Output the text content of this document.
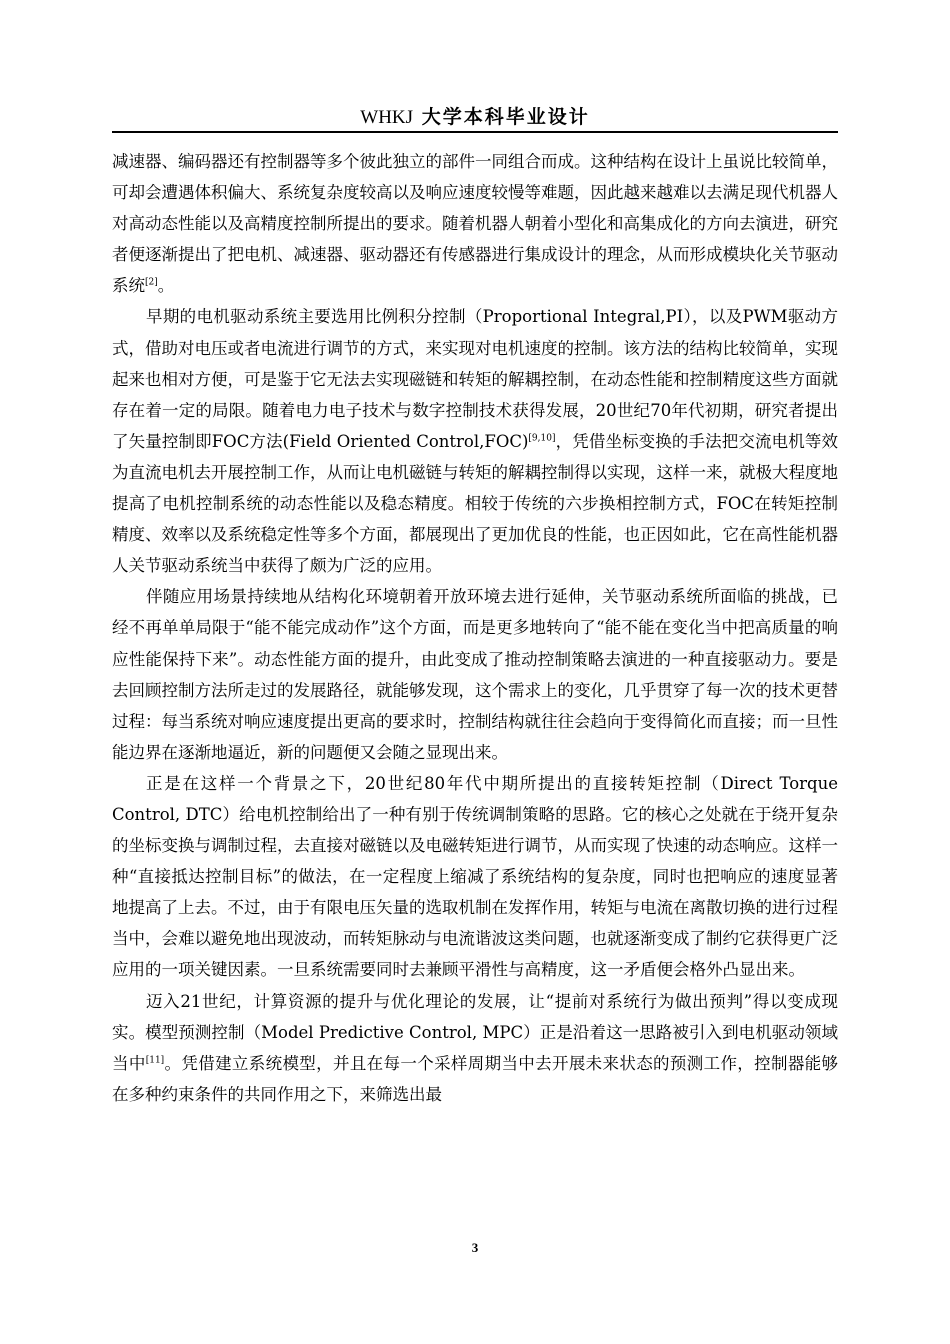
WHKJ 大学本科毕业设计

减速器、编码器还有控制器等多个彼此独立的部件一同组合而成。这种结构在设计上虽说比较简单，可却会遭遇体积偏大、系统复杂度较高以及响应速度较慢等难题，因此越来越难以去满足现代机器人对高动态性能以及高精度控制所提出的要求。随着机器人朝着小型化和高集成化的方向去演进，研究者便逐渐提出了把电机、减速器、驱动器还有传感器进行集成设计的理念，从而形成模块化关节驱动系统[2]。

早期的电机驱动系统主要选用比例积分控制（Proportional Integral,PI），以及PWM驱动方式，借助对电压或者电流进行调节的方式，来实现对电机速度的控制。该方法的结构比较简单，实现起来也相对方便，可是鉴于它无法去实现磁链和转矩的解耦控制，在动态性能和控制精度这些方面就存在着一定的局限。随着电力电子技术与数字控制技术获得发展，20世纪70年代初期，研究者提出了矢量控制即FOC方法(Field Oriented Control,FOC)[9,10]，凭借坐标变换的手法把交流电机等效为直流电机去开展控制工作，从而让电机磁链与转矩的解耦控制得以实现，这样一来，就极大程度地提高了电机控制系统的动态性能以及稳态精度。相较于传统的六步换相控制方式，FOC在转矩控制精度、效率以及系统稳定性等多个方面，都展现出了更加优良的性能，也正因如此，它在高性能机器人关节驱动系统当中获得了颇为广泛的应用。

伴随应用场景持续地从结构化环境朝着开放环境去进行延伸，关节驱动系统所面临的挑战，已经不再单单局限于“能不能完成动作”这个方面，而是更多地转向了“能不能在变化当中把高质量的响应性能保持下来”。动态性能方面的提升，由此变成了推动控制策略去演进的一种直接驱动力。要是去回顾控制方法所走过的发展路径，就能够发现，这个需求上的变化，几乎贯穿了每一次的技术更替过程：每当系统对响应速度提出更高的要求时，控制结构就往往会趋向于变得简化而直接；而一旦性能边界在逐渐地逼近，新的问题便又会随之显现出来。

正是在这样一个背景之下，20世纪80年代中期所提出的直接转矩控制（Direct Torque Control, DTC）给电机控制给出了一种有别于传统调制策略的思路。它的核心之处就在于绕开复杂的坐标变换与调制过程，去直接对磁链以及电磁转矩进行调节，从而实现了快速的动态响应。这样一种“直接抵达控制目标”的做法，在一定程度上缩减了系统结构的复杂度，同时也把响应的速度显著地提高了上去。不过，由于有限电压矢量的选取机制在发挥作用，转矩与电流在离散切换的进行过程当中，会难以避免地出现波动，而转矩脉动与电流谐波这类问题，也就逐渐变成了制约它获得更广泛应用的一项关键因素。一旦系统需要同时去兼顾平滑性与高精度，这一矛盾便会格外凸显出来。

迈入21世纪，计算资源的提升与优化理论的发展，让“提前对系统行为做出预判”得以变成现实。模型预测控制（Model Predictive Control, MPC）正是沿着这一思路被引入到电机驱动领域当中[11]。凭借建立系统模型，并且在每一个采样周期当中去开展未来状态的预测工作，控制器能够在多种约束条件的共同作用之下，来筛选出最

3
